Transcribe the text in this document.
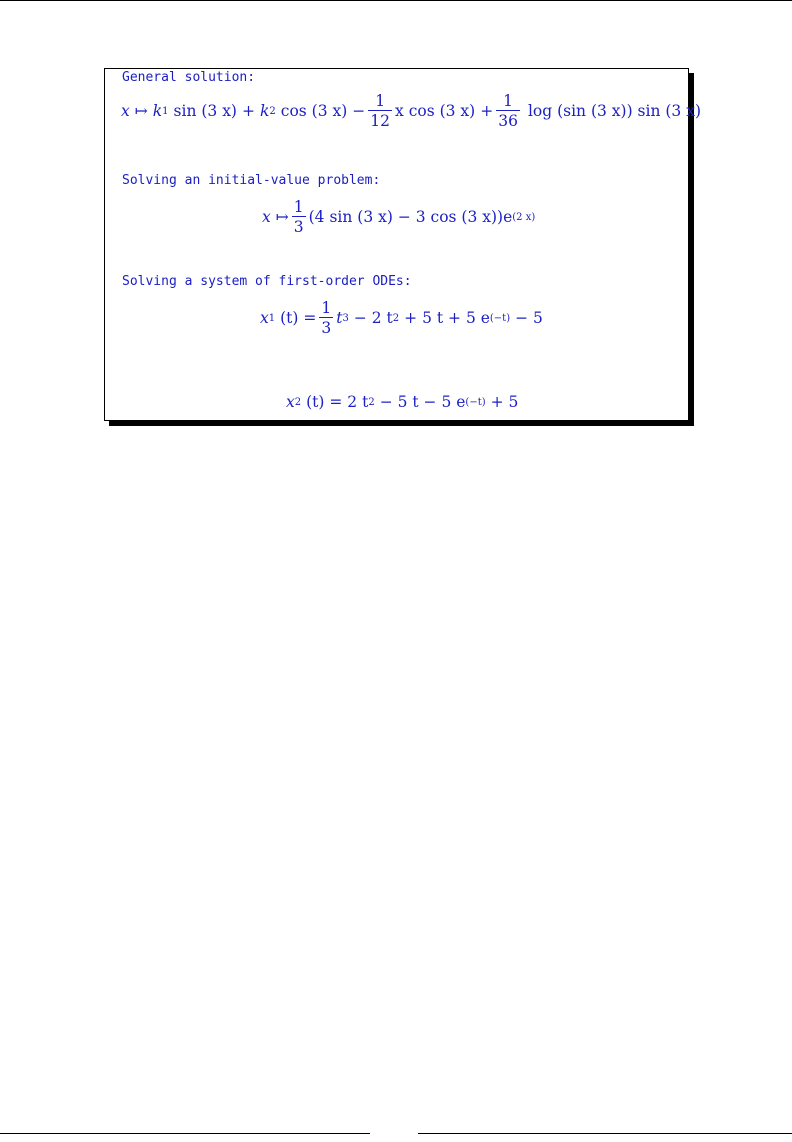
General solution:
x ↦ k 1 sin (3 x) + k 2 cos (3 $x) - \frac{1}{12}$ x cos (3 $x) + \frac{1}{36}$ log (sin (3 x)) sin (3 x)
Solving an initial-value problem:
x ↦ $\frac{1}{3} (4$ sin (3 x) − 3 cos (3 x))e (2 x)
Solving a system of first-order ODEs:
x 1 $(t) = \frac{1}{3}$ t 3 − 2 t 2 + 5 t + 5 e (−t) − 5
x 2 (t) = 2 t 2 − 5 t − 5 e (−t) + 5
